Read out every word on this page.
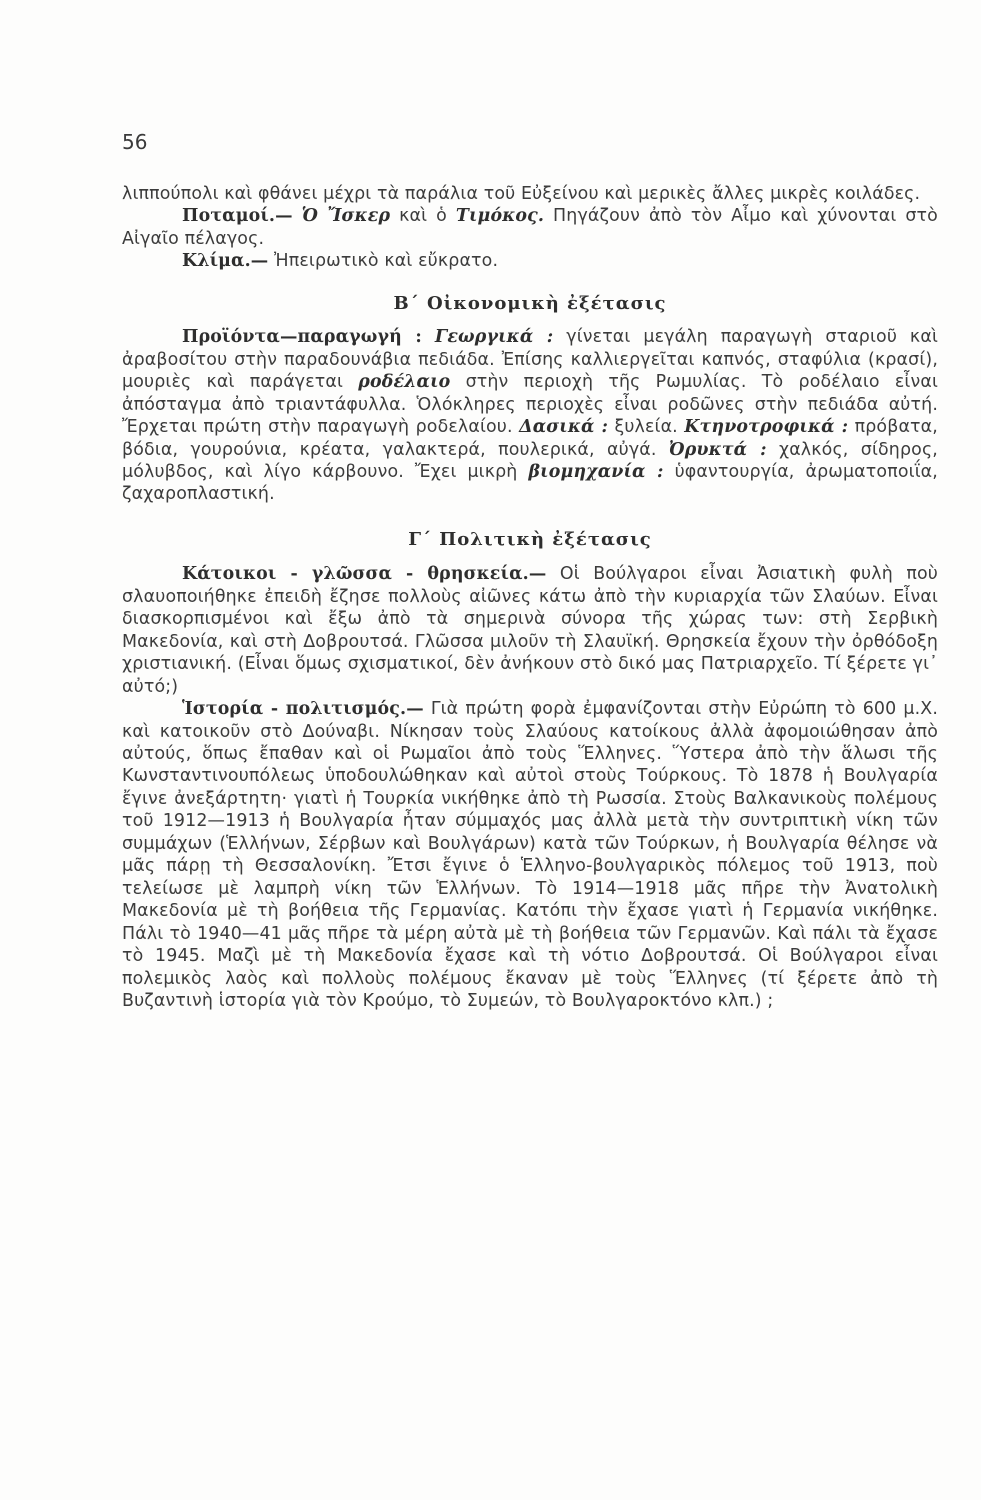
56

λιππούπολι καὶ φθάνει μέχρι τὰ παράλια τοῦ Εὐξείνου καὶ μερικὲς ἄλλες μικρὲς κοιλάδες.

Ποταμοί.— Ὁ Ἴσκερ καὶ ὁ Τιμόκος. Πηγάζουν ἀπὸ τὸν Αἶμο καὶ χύνονται στὸ Αἰγαῖο πέλαγος.

Κλίμα.— Ἠπειρωτικὸ καὶ εὔκρατο.

Β΄ Οἰκονομικὴ ἐξέτασις

Προϊόντα—παραγωγή : Γεωργικά : γίνεται μεγάλη παραγωγὴ σταριοῦ καὶ ἀραβοσίτου στὴν παραδουνάβια πεδιάδα. Ἐπίσης καλλιεργεῖται καπνός, σταφύλια (κρασί), μουριὲς καὶ παράγεται ροδέλαιο στὴν περιοχὴ τῆς Ρωμυλίας. Τὸ ροδέλαιο εἶναι ἀπόσταγμα ἀπὸ τριαντάφυλλα. Ὁλόκληρες περιοχὲς εἶναι ροδῶνες στὴν πεδιάδα αὐτή. Ἔρχεται πρώτη στὴν παραγωγὴ ροδελαίου. Δασικά : ξυλεία. Κτηνοτροφικά : πρόβατα, βόδια, γουρούνια, κρέατα, γαλακτερά, πουλερικά, αὐγά. Ὀρυκτά : χαλκός, σίδηρος, μόλυβδος, καὶ λίγο κάρβουνο. Ἔχει μικρὴ βιομηχανία : ὑφαντουργία, ἀρωματοποιΐα, ζαχαροπλαστική.

Γ΄ Πολιτικὴ ἐξέτασις

Κάτοικοι - γλῶσσα - θρησκεία.— Οἱ Βούλγαροι εἶναι Ἀσιατικὴ φυλὴ ποὺ σλαυοποιήθηκε ἐπειδὴ ἔζησε πολλοὺς αἰῶνες κάτω ἀπὸ τὴν κυριαρχία τῶν Σλαύων. Εἶναι διασκορπισμένοι καὶ ἔξω ἀπὸ τὰ σημερινὰ σύνορα τῆς χώρας των: στὴ Σερβικὴ Μακεδονία, καὶ στὴ Δοβρουτσά. Γλῶσσα μιλοῦν τὴ Σλαυϊκή. Θρησκεία ἔχουν τὴν ὀρθόδοξη χριστιανική. (Εἶναι ὅμως σχισματικοί, δὲν ἀνήκουν στὸ δικό μας Πατριαρχεῖο. Τί ξέρετε γι᾿ αὐτό;)

Ἱστορία - πολιτισμός.— Γιὰ πρώτη φορὰ ἐμφανίζονται στὴν Εὐρώπη τὸ 600 μ.Χ. καὶ κατοικοῦν στὸ Δούναβι. Νίκησαν τοὺς Σλαύους κατοίκους ἀλλὰ ἀφομοιώθησαν ἀπὸ αὐτούς, ὅπως ἔπαθαν καὶ οἱ Ρωμαῖοι ἀπὸ τοὺς Ἕλληνες. Ὕστερα ἀπὸ τὴν ἅλωσι τῆς Κωνσταντινουπόλεως ὑποδουλώθηκαν καὶ αὐτοὶ στοὺς Τούρκους. Τὸ 1878 ἡ Βουλγαρία ἔγινε ἀνεξάρτητη· γιατὶ ἡ Τουρκία νικήθηκε ἀπὸ τὴ Ρωσσία. Στοὺς Βαλκανικοὺς πολέμους τοῦ 1912—1913 ἡ Βουλγαρία ἦταν σύμμαχός μας ἀλλὰ μετὰ τὴν συντριπτικὴ νίκη τῶν συμμάχων (Ἑλλήνων, Σέρβων καὶ Βουλγάρων) κατὰ τῶν Τούρκων, ἡ Βουλγαρία θέλησε νὰ μᾶς πάρῃ τὴ Θεσσαλονίκη. Ἔτσι ἔγινε ὁ Ἑλληνο-βουλγαρικὸς πόλεμος τοῦ 1913, ποὺ τελείωσε μὲ λαμπρὴ νίκη τῶν Ἑλλήνων. Τὸ 1914—1918 μᾶς πῆρε τὴν Ἀνατολικὴ Μακεδονία μὲ τὴ βοήθεια τῆς Γερμανίας. Κατόπι τὴν ἔχασε γιατὶ ἡ Γερμανία νικήθηκε. Πάλι τὸ 1940—41 μᾶς πῆρε τὰ μέρη αὐτὰ μὲ τὴ βοήθεια τῶν Γερμανῶν. Καὶ πάλι τὰ ἔχασε τὸ 1945. Μαζὶ μὲ τὴ Μακεδονία ἔχασε καὶ τὴ νότιο Δοβρουτσά. Οἱ Βούλγαροι εἶναι πολεμικὸς λαὸς καὶ πολλοὺς πολέμους ἔκαναν μὲ τοὺς Ἕλληνες (τί ξέρετε ἀπὸ τὴ Βυζαντινὴ ἱστορία γιὰ τὸν Κρούμο, τὸ Συμεών, τὸ Βουλγαροκτόνο κλπ.) ;
